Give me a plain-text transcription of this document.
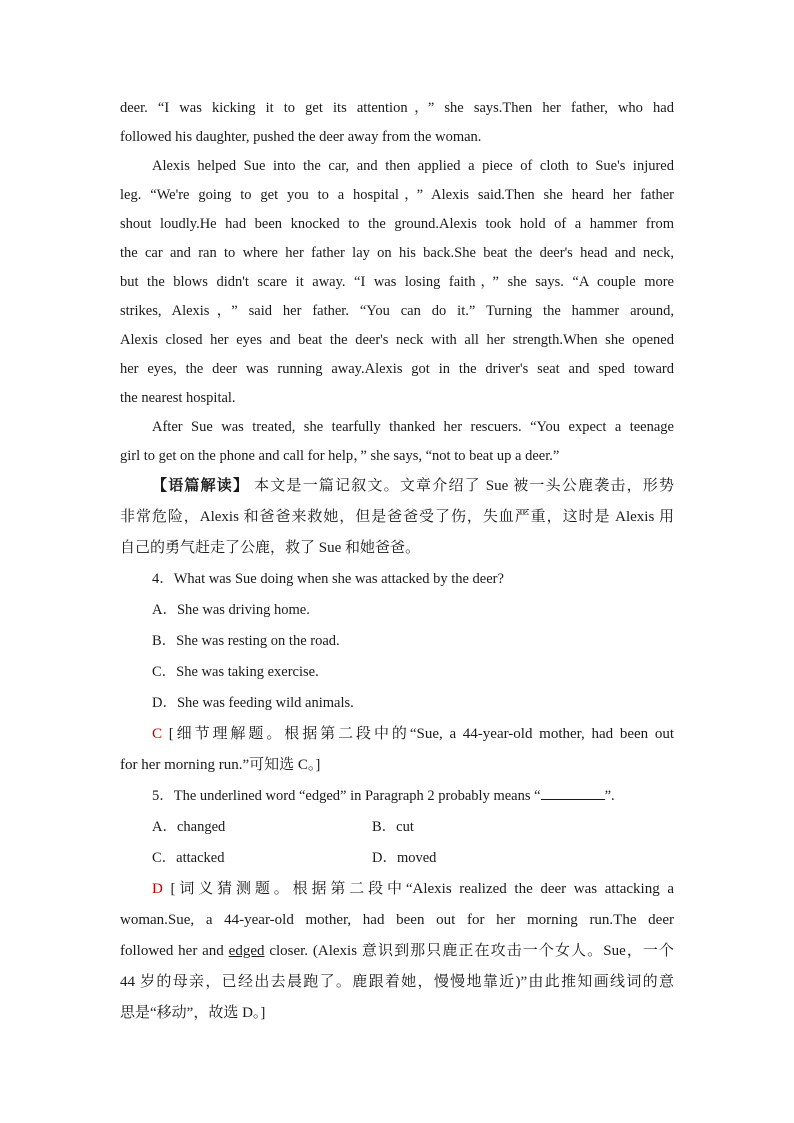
deer. “I was kicking it to get its attention，” she says.Then her father, who had

followed his daughter, pushed the deer away from the woman.

Alexis helped Sue into the car, and then applied a piece of cloth to Sue's injured

leg. “We're going to get you to a hospital，” Alexis said.Then she heard her father

shout loudly.He had been knocked to the ground.Alexis took hold of a hammer from

the car and ran to where her father lay on his back.She beat the deer's head and neck,

but the blows didn't scare it away. “I was losing faith，” she says. “A couple more

strikes, Alexis，” said her father. “You can do it.” Turning the hammer around,

Alexis closed her eyes and beat the deer's neck with all her strength.When she opened

her eyes, the deer was running away.Alexis got in the driver's seat and sped toward

the nearest hospital.

After Sue was treated, she tearfully thanked her rescuers. “You expect a teenage

girl to get on the phone and call for help，” she says, “not to beat up a deer.”

【语篇解读】 本文是一篇记叙文。文章介绍了 Sue 被一头公鹿袭击，形势

非常危险，Alexis 和爸爸来救她，但是爸爸受了伤，失血严重，这时是 Alexis 用

自己的勇气赶走了公鹿，救了 Sue 和她爸爸。

4．What was Sue doing when she was attacked by the deer?

A．She was driving home.

B．She was resting on the road.

C．She was taking exercise.

D．She was feeding wild animals.

C [细节理解题。根据第二段中的“Sue, a 44-year-old mother, had been out

for her morning run.”可知选 C。]

5．The underlined word “edged” in Paragraph 2 probably means “	”.

A．changed	B．cut
C．attacked	D．moved

D [词义猜测题。根据第二段中“Alexis realized the deer was attacking a

woman.Sue, a 44-year-old mother, had been out for her morning run.The deer

followed her and edged closer. (Alexis 意识到那只鹿正在攻击一个女人。Sue，一个

44 岁的母亲，已经出去晨跑了。鹿跟着她，慢慢地靠近)”由此推知画线词的意

思是“移动”，故选 D。]
